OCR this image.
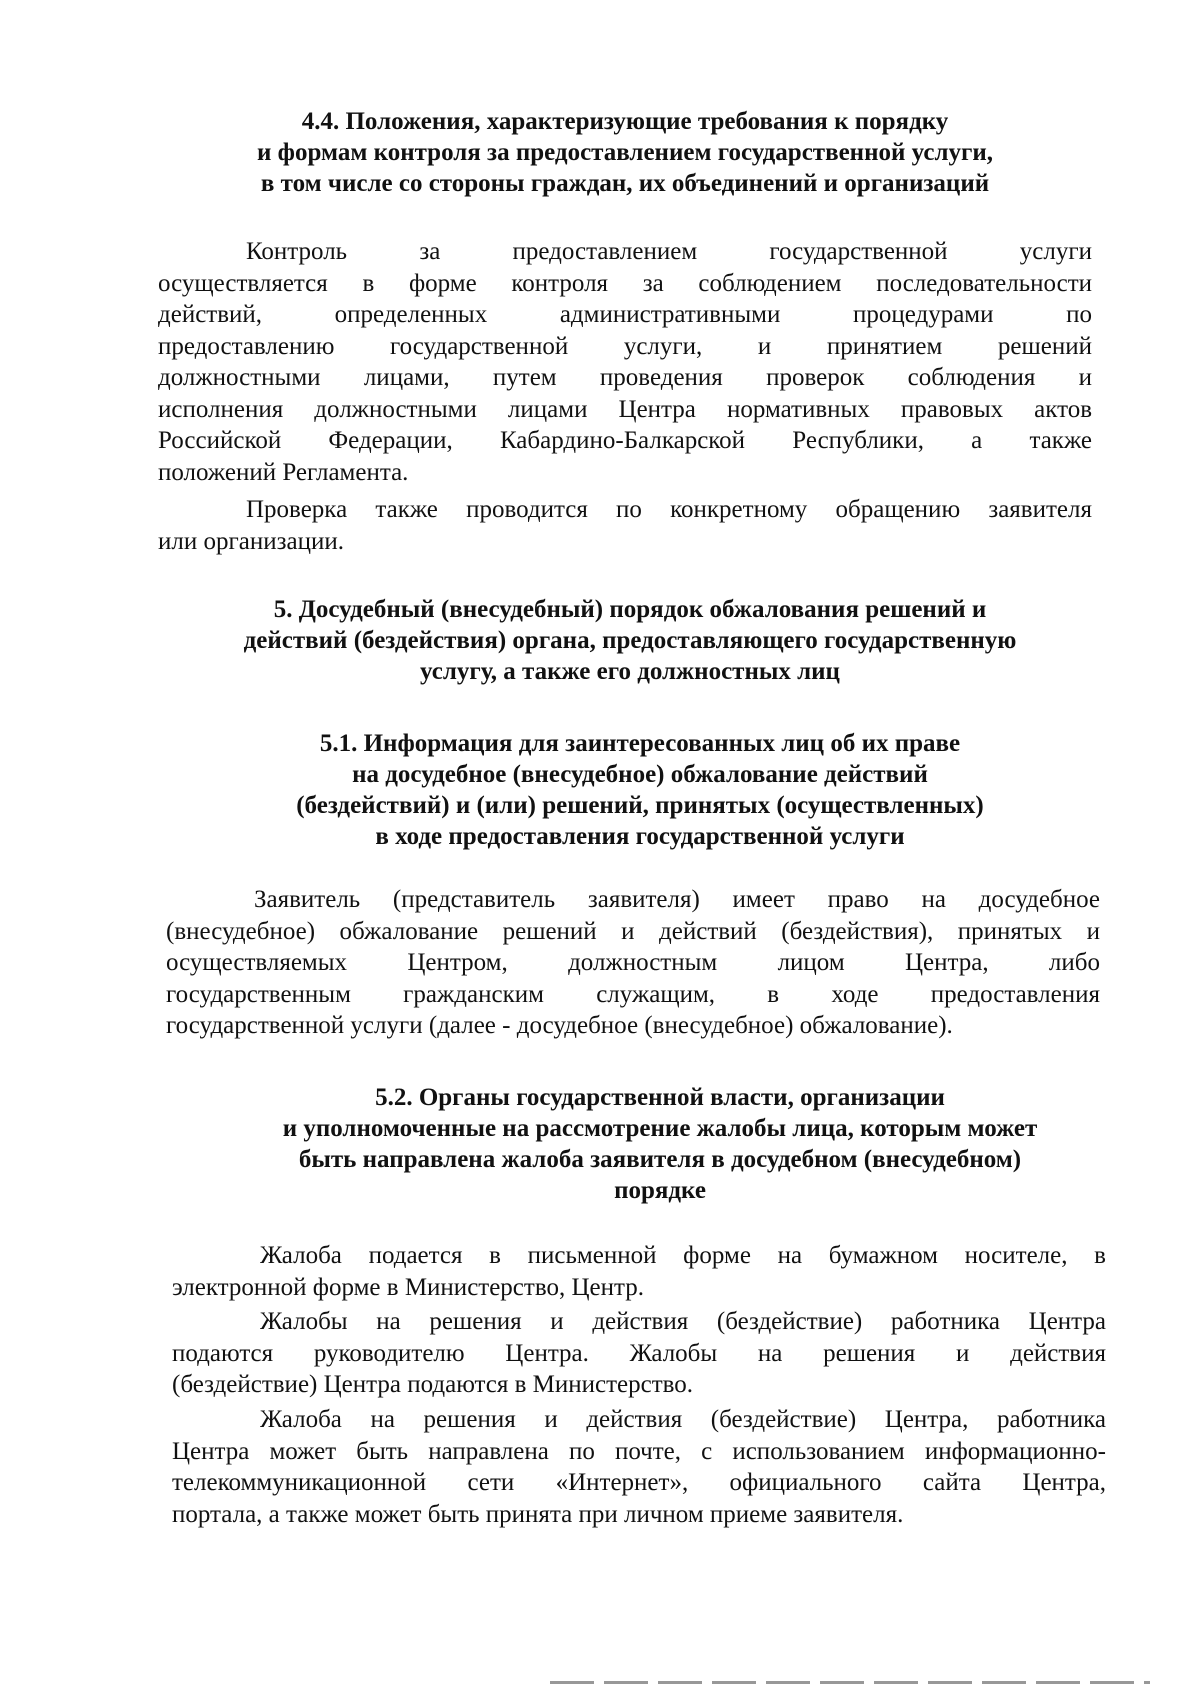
4.4. Положения, характеризующие требования к порядку
и формам контроля за предоставлением государственной услуги,
в том числе со стороны граждан, их объединений и организаций
Контроль за предоставлением государственной услуги
осуществляется в форме контроля за соблюдением последовательности
действий, определенных административными процедурами по
предоставлению государственной услуги, и принятием решений
должностными лицами, путем проведения проверок соблюдения и
исполнения должностными лицами Центра нормативных правовых актов
Российской Федерации, Кабардино-Балкарской Республики, а также
положений Регламента.
Проверка также проводится по конкретному обращению заявителя
или организации.
5. Досудебный (внесудебный) порядок обжалования решений и
действий (бездействия) органа, предоставляющего государственную
услугу, а также его должностных лиц
5.1. Информация для заинтересованных лиц об их праве
на досудебное (внесудебное) обжалование действий
(бездействий) и (или) решений, принятых (осуществленных)
в ходе предоставления государственной услуги
Заявитель (представитель заявителя) имеет право на досудебное
(внесудебное) обжалование решений и действий (бездействия), принятых и
осуществляемых Центром, должностным лицом Центра, либо
государственным гражданским служащим, в ходе предоставления
государственной услуги (далее - досудебное (внесудебное) обжалование).
5.2. Органы государственной власти, организации
и уполномоченные на рассмотрение жалобы лица, которым может
быть направлена жалоба заявителя в досудебном (внесудебном)
порядке
Жалоба подается в письменной форме на бумажном носителе, в
электронной форме в Министерство, Центр.
Жалобы на решения и действия (бездействие) работника Центра
подаются руководителю Центра. Жалобы на решения и действия
(бездействие) Центра подаются в Министерство.
Жалоба на решения и действия (бездействие) Центра, работника
Центра может быть направлена по почте, с использованием информационно-
телекоммуникационной сети «Интернет», официального сайта Центра,
портала, а также может быть принята при личном приеме заявителя.
